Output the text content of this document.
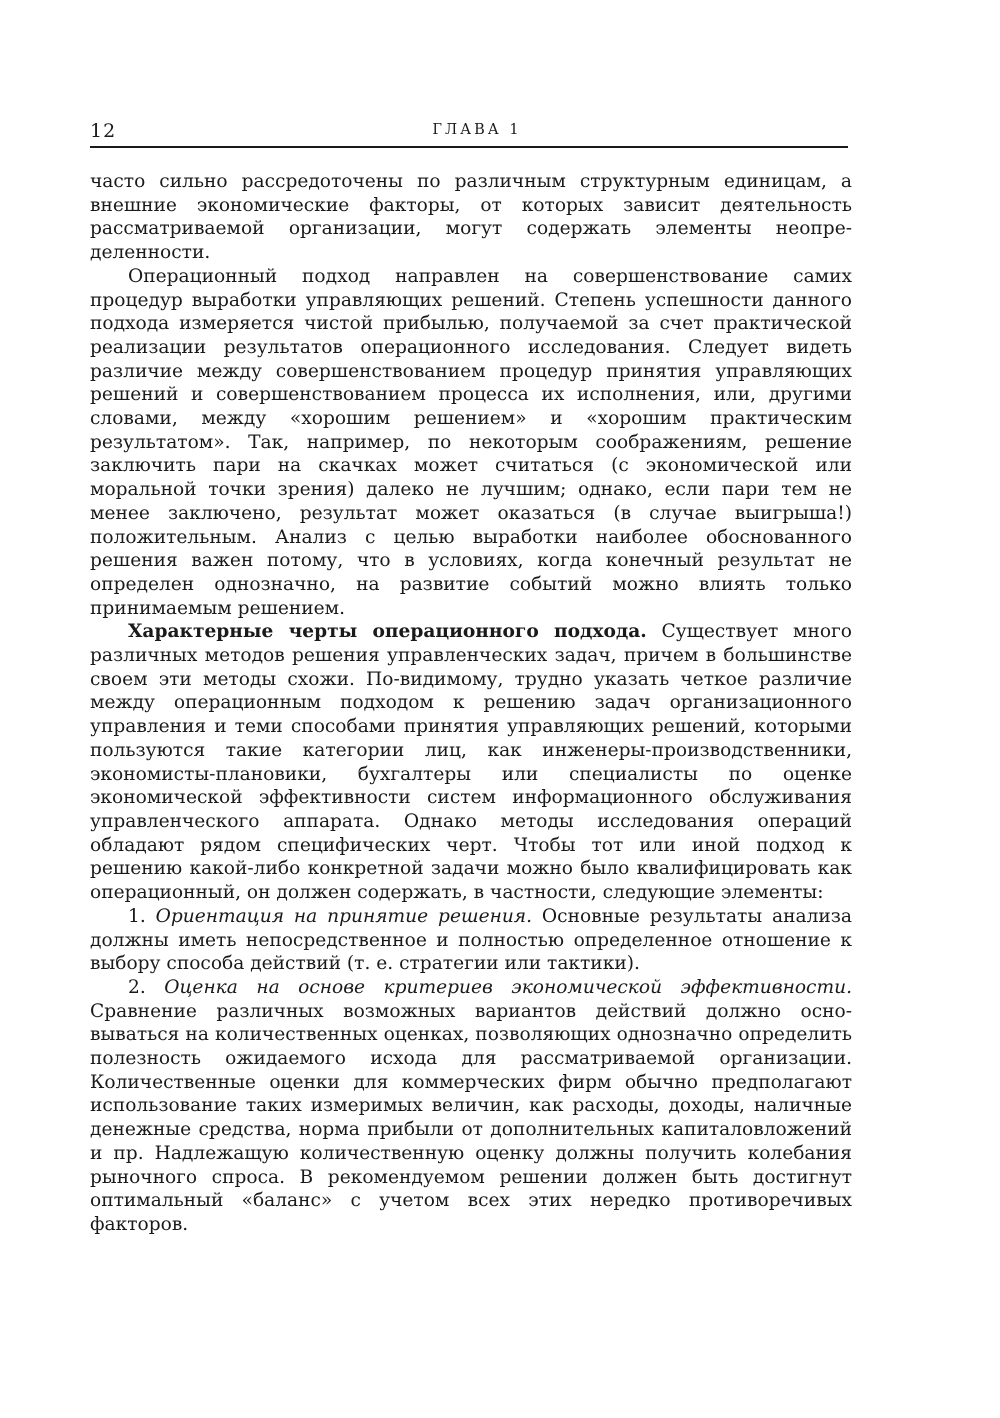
12	ГЛАВА 1

часто сильно рассредоточены по различным структурным единицам, а внешние экономические факторы, от которых зависит деятельность рассматриваемой организации, могут содержать элементы неопределенности.

Операционный подход направлен на совершенствование самих процедур выработки управляющих решений. Степень успешности данного подхода измеряется чистой прибылью, получаемой за счет практической реализации результатов операционного исследования. Следует видеть различие между совершенствованием процедур принятия управляющих решений и совершенствованием процесса их исполнения, или, другими словами, между «хорошим решением» и «хорошим практическим результатом». Так, например, по некоторым соображениям, решение заключить пари на скачках может считаться (с экономической или моральной точки зрения) далеко не лучшим; однако, если пари тем не менее заключено, результат может оказаться (в случае выигрыша!) положительным. Анализ с целью выработки наиболее обоснованного решения важен потому, что в условиях, когда конечный результат не определен однозначно, на развитие событий можно влиять только принимаемым решением.

Характерные черты операционного подхода. Существует много различных методов решения управленческих задач, причем в большинстве своем эти методы схожи. По-видимому, трудно указать четкое различие между операционным подходом к решению задач организационного управления и теми способами принятия управляющих решений, которыми пользуются такие категории лиц, как инженеры-производственники, экономисты-плановики, бухгалтеры или специалисты по оценке экономической эффективности систем информационного обслуживания управленческого аппарата. Однако методы исследования операций обладают рядом специфических черт. Чтобы тот или иной подход к решению какой-либо конкретной задачи можно было квалифицировать как операционный, он должен содержать, в частности, следующие элементы:

1. Ориентация на принятие решения. Основные результаты анализа должны иметь непосредственное и полностью определенное отношение к выбору способа действий (т. е. стратегии или тактики).

2. Оценка на основе критериев экономической эффективности. Сравнение различных возможных вариантов действий должно основываться на количественных оценках, позволяющих однозначно определить полезность ожидаемого исхода для рассматриваемой организации. Количественные оценки для коммерческих фирм обычно предполагают использование таких измеримых величин, как расходы, доходы, наличные денежные средства, норма прибыли от дополнительных капиталовложений и пр. Надлежащую количественную оценку должны получить колебания рыночного спроса. В рекомендуемом решении должен быть достигнут оптимальный «баланс» с учетом всех этих нередко противоречивых факторов.
